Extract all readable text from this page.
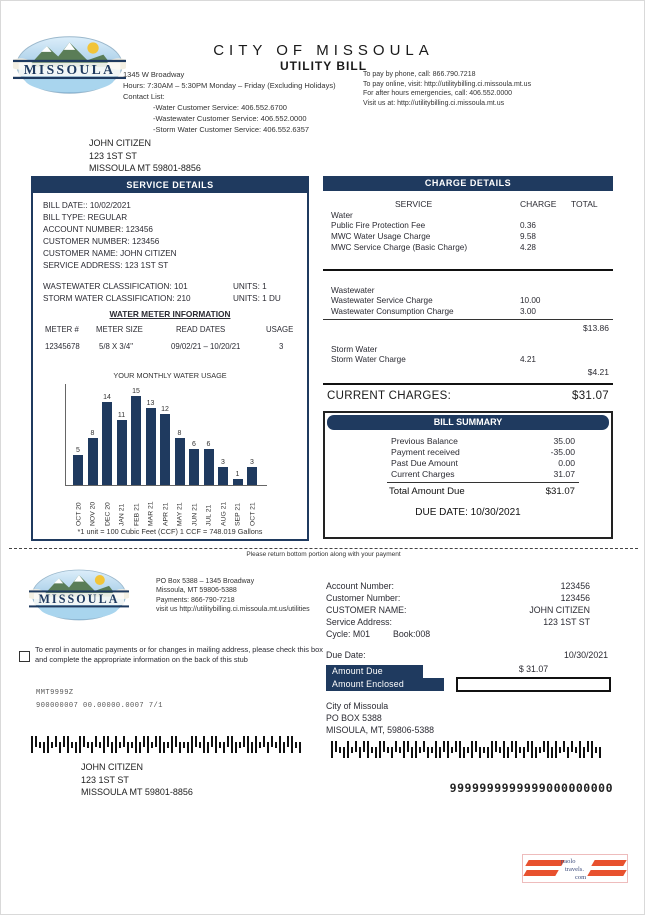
MISSOULA
CITY OF MISSOULA
UTILITY BILL
1345 W Broadway
Hours: 7:30AM – 5:30PM Monday – Friday (Excluding Holidays)
Contact List:
-Water Customer Service: 406.552.6700
-Wastewater Customer Service: 406.552.0000
-Storm Water Customer Service: 406.552.6357
To pay by phone, call: 866.790.7218
To pay online, visit: http://utilitybilling.ci.missoula.mt.us
For after hours emergencies, call: 406.552.0000
Visit us at: http://utilitybilling.ci.missoula.mt.us
JOHN CITIZEN
123 1ST ST
MISSOULA MT 59801-8856
SERVICE DETAILS
BILL DATE:: 10/02/2021
BILL TYPE: REGULAR
ACCOUNT NUMBER: 123456
CUSTOMER NUMBER: 123456
CUSTOMER NAME: JOHN CITIZEN
SERVICE ADDRESS: 123 1ST ST
WASTEWATER CLASSIFICATION: 101	UNITS: 1
STORM WATER CLASSIFICATION: 210	UNITS: 1 DU
WATER METER INFORMATION
METER # METER SIZE	READ DATES	USAGE
12345678 5/8 X 3/4"	09/02/21 – 10/20/21	3
YOUR MONTHLY WATER USAGE
5
8
14
11
15
13
12
8
6 6
3
1
3
OCT 20 NOV 20 DEC 20 JAN 21 FEB 21 MAR 21 APR 21 MAY 21 JUN 21 JUL 21 AUG 21 SEP 21 OCT 21
*1 unit = 100 Cubic Feet (CCF) 1 CCF = 748.019 Gallons
CHARGE DETAILS
SERVICE	CHARGE TOTAL
Water
Public Fire Protection Fee	0.36
MWC Water Usage Charge	9.58
MWC Service Charge (Basic Charge)	4.28
Wastewater
Wastewater Service Charge	10.00
Wastewater Consumption Charge	3.00
$13.86
Storm Water
Storm Water Charge	4.21
$4.21
CURRENT CHARGES:	$31.07
BILL SUMMARY
Previous Balance	35.00
Payment received	-35.00
Past Due Amount	0.00
Current Charges	31.07
Total Amount Due	$31.07
DUE DATE: 10/30/2021
Please return bottom portion along with your payment
MISSOULA
PO Box 5388 – 1345 Broadway
Missoula, MT 59806-5388
Payments: 866-790-7218
visit us http://utilitybilling.ci.missoula.mt.us/utilities
Account Number:	123456
Customer Number:	123456
CUSTOMER NAME:	JOHN CITIZEN
Service Address:	123 1ST ST
Cycle: M01	Book:008
Due Date:	10/30/2021
Amount Due	$ 31.07
Amount Enclosed
City of Missoula
PO BOX 5388
MISOULA, MT, 59806-5388
To enrol in automatic payments or for changes in mailing address, please check this box and complete the appropriate information on the back of this stub
MMT9999Z
900000007 00.00000.0007 7/1
JOHN CITIZEN
123 1ST ST
MISSOULA MT 59801-8856	9999999999999000000000
paolo
travels.
com
